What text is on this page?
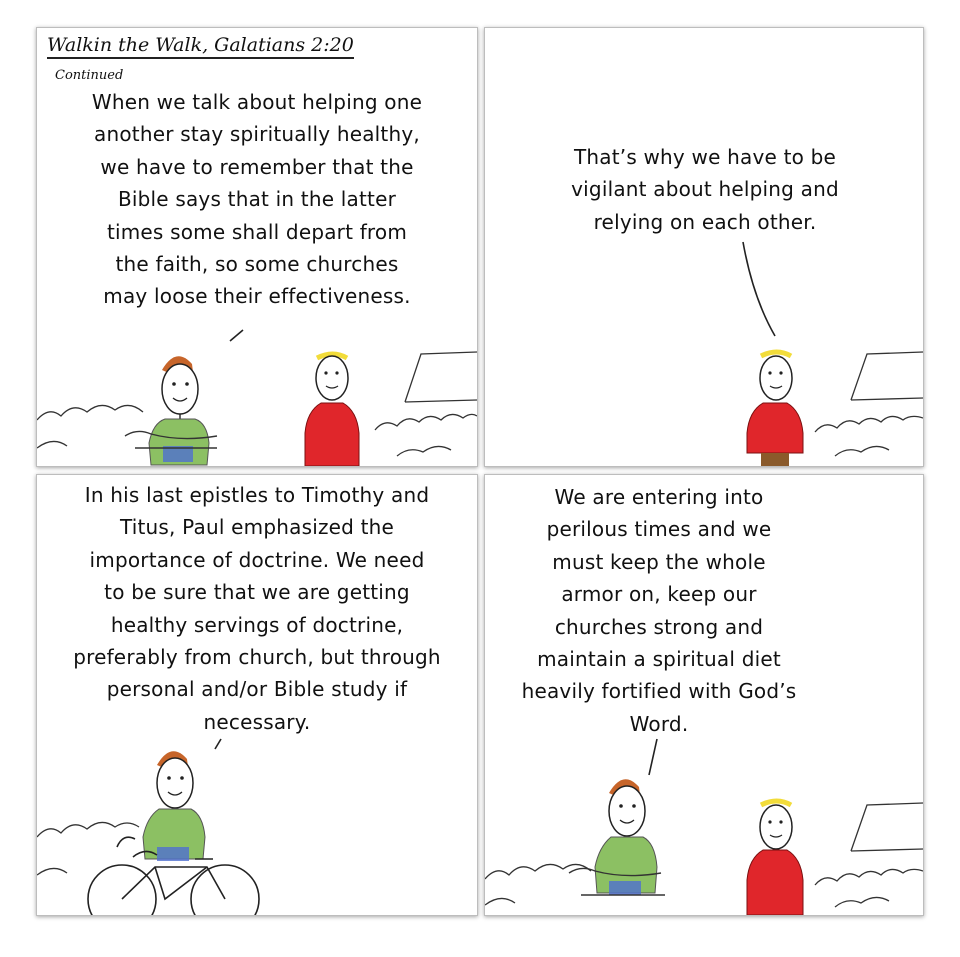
Walkin the Walk, Galatians 2:20
Continued
When we talk about helping one
another stay spiritually healthy,
we have to remember that the
Bible says that in the latter
times some shall depart from
the faith, so some churches
may loose their effectiveness.
That’s why we have to be
vigilant about helping and
relying on each other.
In his last epistles to Timothy and
Titus, Paul emphasized the
importance of doctrine. We need
to be sure that we are getting
healthy servings of doctrine,
preferably from church, but through
personal and/or Bible study if
necessary.
We are entering into
perilous times and we
must keep the whole
armor on, keep our
churches strong and
maintain a spiritual diet
heavily fortified with God’s
Word.
